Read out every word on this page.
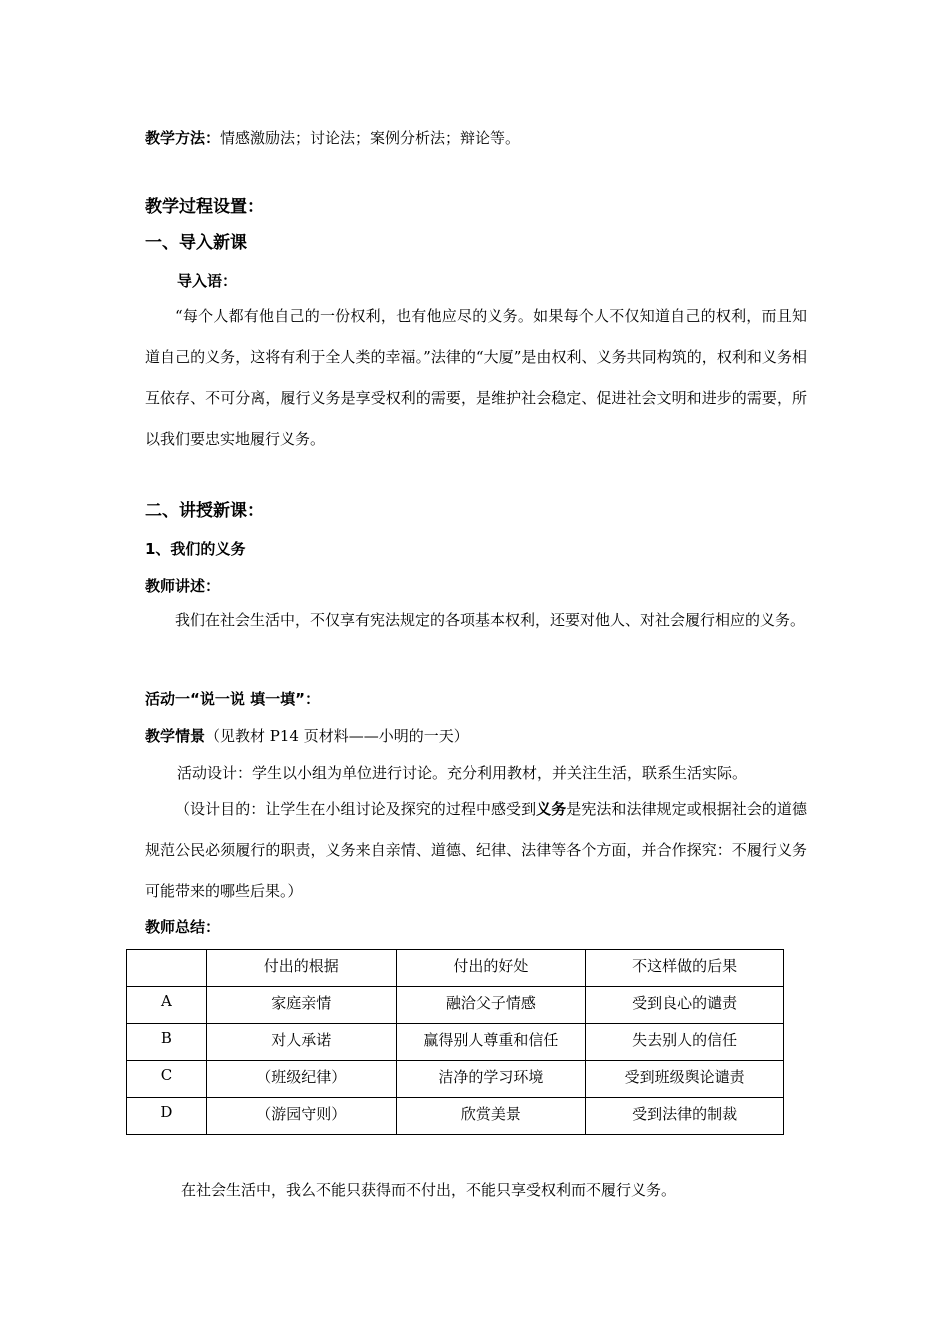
教学方法：情感激励法；讨论法；案例分析法；辩论等。
教学过程设置：
一、导入新课
导入语：
“每个人都有他自己的一份权利，也有他应尽的义务。如果每个人不仅知道自己的权利，而且知道自己的义务，这将有利于全人类的幸福。”法律的“大厦”是由权利、义务共同构筑的，权利和义务相互依存、不可分离，履行义务是享受权利的需要，是维护社会稳定、促进社会文明和进步的需要，所以我们要忠实地履行义务。
二、讲授新课：
1、我们的义务
教师讲述：
我们在社会生活中，不仅享有宪法规定的各项基本权利，还要对他人、对社会履行相应的义务。
活动一“说一说 填一填”：
教学情景（见教材 P14 页材料——小明的一天）
活动设计：学生以小组为单位进行讨论。充分利用教材，并关注生活，联系生活实际。
（设计目的：让学生在小组讨论及探究的过程中感受到义务是宪法和法律规定或根据社会的道德规范公民必须履行的职责，义务来自亲情、道德、纪律、法律等各个方面，并合作探究：不履行义务可能带来的哪些后果。）
教师总结：
	付出的根据	付出的好处	不这样做的后果
A	家庭亲情	融洽父子情感	受到良心的谴责
B	对人承诺	赢得别人尊重和信任	失去别人的信任
C	（班级纪律）	洁净的学习环境	受到班级舆论谴责
D	（游园守则）	欣赏美景	受到法律的制裁
在社会生活中，我么不能只获得而不付出，不能只享受权利而不履行义务。
